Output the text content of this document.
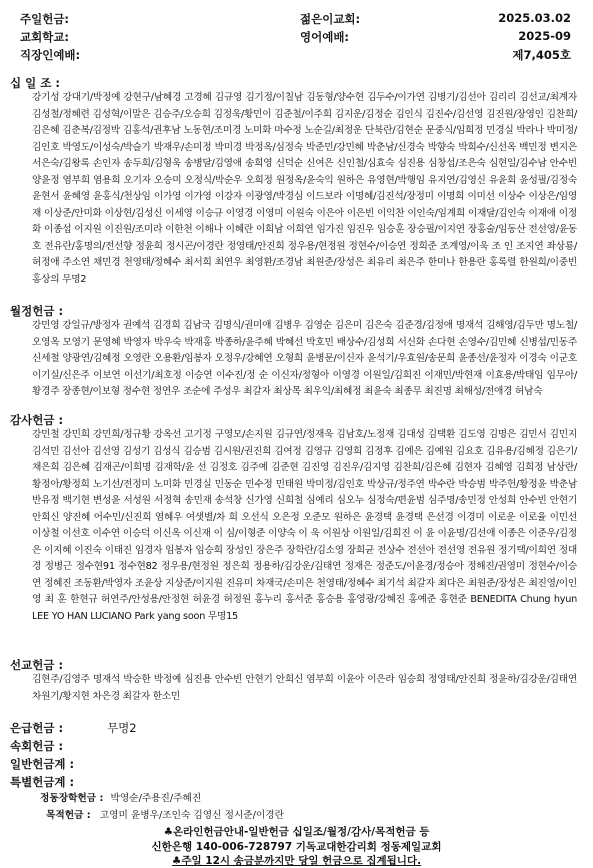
주일헌금:	젊은이교회:	2025.03.02
교회학교:	영어예배:	2025-09
직장인예배:	제7,405호
십 일 조 :
강기성 강대기/박정예 강현구/남혜경 고경혜 김규영 김기정/이칠남 김동형/양수현 김두수/이가연 김병기/김선아 김리리 김선교/최계자 김성철/정혜련 김성혁/이말은 김승주/오승희 김정욱/황민이 김준철/이주희 김지운/김정순 김인식 김진수/김선영 김진원/장영인 김찬희/김은혜 김춘복/김정박 김홍석/권후남 노동현/조미경 노미화 마수정 노순길/최정운 단북란/김현순 문중식/임희정 민경실 박라나 박미정/김인호 박영도/이성숙/박슬기 박재우/손미정 박미경 박정옥/심정숙 박준민/강민혜 박춘남/신경숙 박향숙 박희수/신선옥 백민정 변지은 서은숙/김왕록 손인자 송두희/김형욱 송병달/김영애 송희영 신덕순 신여은 신인철/심효숙 심진용 심창섭/조은숙 심현일/김수남 안수빈 양윤정 염부희 염용희 오기자 오승미 오정식/박순우 오희정 원정옥/윤숙익 원하은 유영현/박행임 유지연/김영신 유윤희 윤성필/김정숙 윤현서 윤혜영 윤홍식/천상임 이가영 이가영 이강자 이광영/박경심 이드보라 이명혜/김진석/장정미 이명희 이미선 이상수 이상은/임영재 이상준/안미화 이상현/김성신 이세영 이승규 이영경 이영미 이원숙 이은아 이은빈 이익찬 이인숙/임계희 이재달/김인숙 이재애 이정화 이종섭 이지원 이진원/조미라 이한천 이해나 이혜란 이희남 이희연 임가진 임진우 임승훈 장승필/이지연 장홍술/임동산 전선영/윤동호 전유란/홍명의/전선향 정윤희 정시곤/이경란 정영태/안진희 정우용/현정원 정현수/이승연 정희준 조계영/이욱 조 인 조지연 좌상룡/허정애 주소연 채민경 천영태/정혜수 최서희 최연우 최영환/조경남 최원준/장성은 최유리 최은주 한미나 한용란 홍록렬 한원희/이중빈 홍상의 무명2
월정헌금 :
강민영 강일규/방정자 권예석 김경희 김남국 김명식/권미애 김병우 김영순 김은미 김은숙 김준경/김정애 명재석 김해영/김두만 명노철/오영옥 모영기 문영혜 박영자 박우숙 박재홍 박종하/윤주혜 박혜선 박호민 배상수/김성희 서신화 손다현 손영수/김민혜 신병섭/민동주 신세철 양광연/김혜정 오영란 오용환/임봉자 오정우/강혜연 오형희 윤병문/이신자 윤석기/우효원/송문희 윤종선/윤정자 이경숙 이군호 이기실/신은주 이보연 이선기/최호정 이승연 이수진/정 순 이신자/정형아 이영경 이원일/김희진 이재민/박현재 이효용/박태임 임무아/황경주 장종현/이보형 정수현 정연우 조순에 주성우 최갈자 최상목 최우익/최혜정 최윤숙 최종무 최진명 최해성/전애경 허남숙
감사헌금 :
강민철 강민희 강민희/정규황 강옥선 고기정 구영모/손지원 김규연/정재욱 김남호/노정재 김대성 김택환 김도영 김명은 김민서 김민지 김석민 김선아 김선영 김성기 김성식 김승범 김시원/권진희 김여정 김영규 김영희 김정후 김예은 김예원 김요호 김유용/김혜정 김은기/채은희 김은혜 김재곤/이희명 김재학/윤 선 김정호 김주예 김준현 김진영 김진우/김지영 김찬희/김은혜 김현자 김혜영 김희정 남상란/황정아/황정희 노기선/전정미 노미화 민경실 민동순 민수정 민태원 박미정/김인호 박상규/정주연 박수란 박승범 박주헌/황정윤 박춘남 반유정 백기현 변성윤 서성원 서정혁 송민재 송석창 신가영 신희철 심예리 심오누 심정숙/편윤범 심주명/송민정 안성희 안수빈 안현기 안희신 양진혜 어수민/신진희 염혜우 여샛별/차 희 오선식 오은정 오준모 원하은 윤경택 윤경택 은선경 이경미 이로운 이로율 이민선 이상철 이선호 이수연 이승덕 이신옥 이신재 이 심/이형준 이양숙 이 욱 이원상 이원일/김희진 이 윤 이윤명/김선애 이종은 이준우/김정은 이지혜 이진숙 이태진 임경자 임봉자 임승희 장성인 장은주 장학란/김소영 장희균 전상수 전선아 전선영 전유원 정기택/이희연 정대경 정병근 정수현91 정수현82 정우용/현정원 정은희 정용하/김강운/김태연 정재은 정준도/이윤경/정승아 정해진/권영미 정현수/이승연 정혜진 조동환/박영자 조윤상 지상준/이지원 진유미 차재국/손미은 천영태/정혜수 최기석 최갈자 최다은 최원준/장성은 최진영/이인영 최 훈 한현규 허연주/안성용/안정현 허윤경 허정원 홍누리 홍서준 홍승용 홍영광/강혜진 홍예준 홍현준 BENEDITA Chung hyun LEE YO HAN LUCIANO Park yang soon 무명15
선교헌금 :
김현주/김영주 명재석 박승한 박정예 심진용 안수빈 안현기 안희신 염부희 이윤아 이은라 임승희 정영태/안진희 정윤하/김강운/김태연 차원기/황지현 차은경 최갈자 한소민
은급헌금 :	무명2
속회헌금 :
일반헌금계 :
특별헌금계 :
정동장학헌금 : 박영순/주용진/주혜진
목적헌금 : 고영미 윤병우/조인숙 김영신 정시준/이경란
♣온라인헌금안내-일반헌금 십일조/월정/감사/목적헌금 등
신한은행 140-006-728797 기독교대한감리회 정동제일교회
♣주일 12시 송금분까지만 당일 헌금으로 집계됩니다.
